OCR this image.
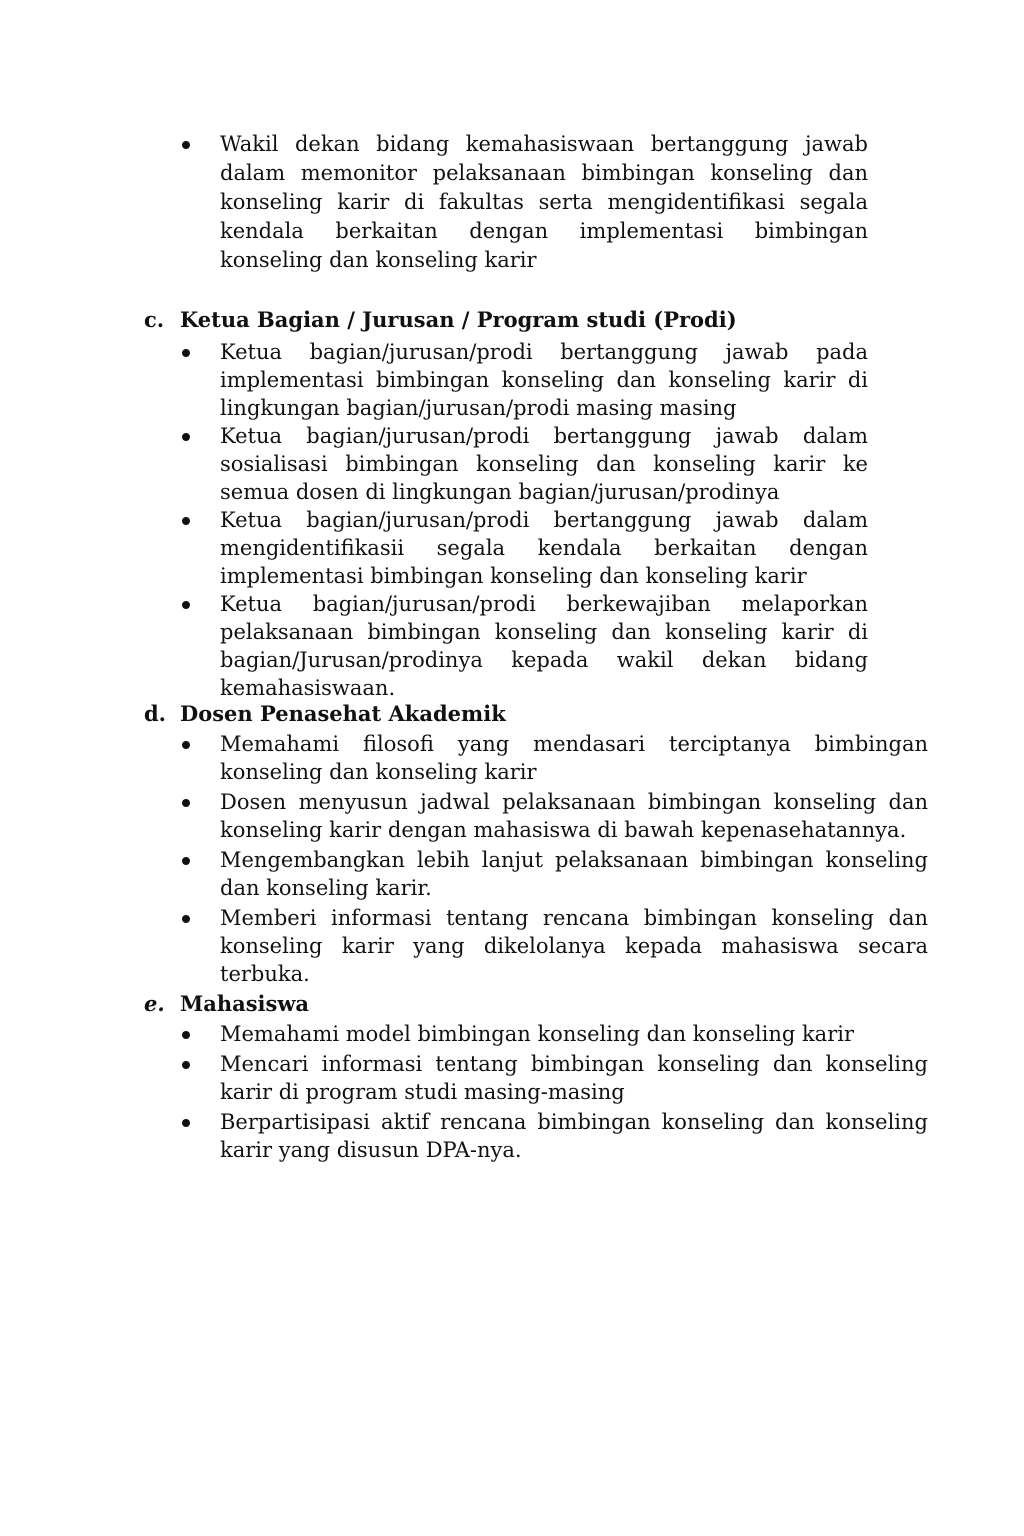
Wakil dekan bidang kemahasiswaan bertanggung jawab dalam memonitor pelaksanaan bimbingan konseling dan konseling karir di fakultas serta mengidentifikasi segala kendala berkaitan dengan implementasi bimbingan konseling dan konseling karir
c. Ketua Bagian / Jurusan / Program studi (Prodi)
Ketua bagian/jurusan/prodi bertanggung jawab pada implementasi bimbingan konseling dan konseling karir di lingkungan bagian/jurusan/prodi masing masing
Ketua bagian/jurusan/prodi bertanggung jawab dalam sosialisasi bimbingan konseling dan konseling karir ke semua dosen di lingkungan bagian/jurusan/prodinya
Ketua bagian/jurusan/prodi bertanggung jawab dalam mengidentifikasii segala kendala berkaitan dengan implementasi bimbingan konseling dan konseling karir
Ketua bagian/jurusan/prodi berkewajiban melaporkan pelaksanaan bimbingan konseling dan konseling karir di bagian/Jurusan/prodinya kepada wakil dekan bidang kemahasiswaan.
d. Dosen Penasehat Akademik
Memahami filosofi yang mendasari terciptanya bimbingan konseling dan konseling karir
Dosen menyusun jadwal pelaksanaan bimbingan konseling dan konseling karir dengan mahasiswa di bawah kepenasehatannya.
Mengembangkan lebih lanjut pelaksanaan bimbingan konseling dan konseling karir.
Memberi informasi tentang rencana bimbingan konseling dan konseling karir yang dikelolanya kepada mahasiswa secara terbuka.
e. Mahasiswa
Memahami model bimbingan konseling dan konseling karir
Mencari informasi tentang bimbingan konseling dan konseling karir di program studi masing-masing
Berpartisipasi aktif rencana bimbingan konseling dan konseling karir yang disusun DPA-nya.
